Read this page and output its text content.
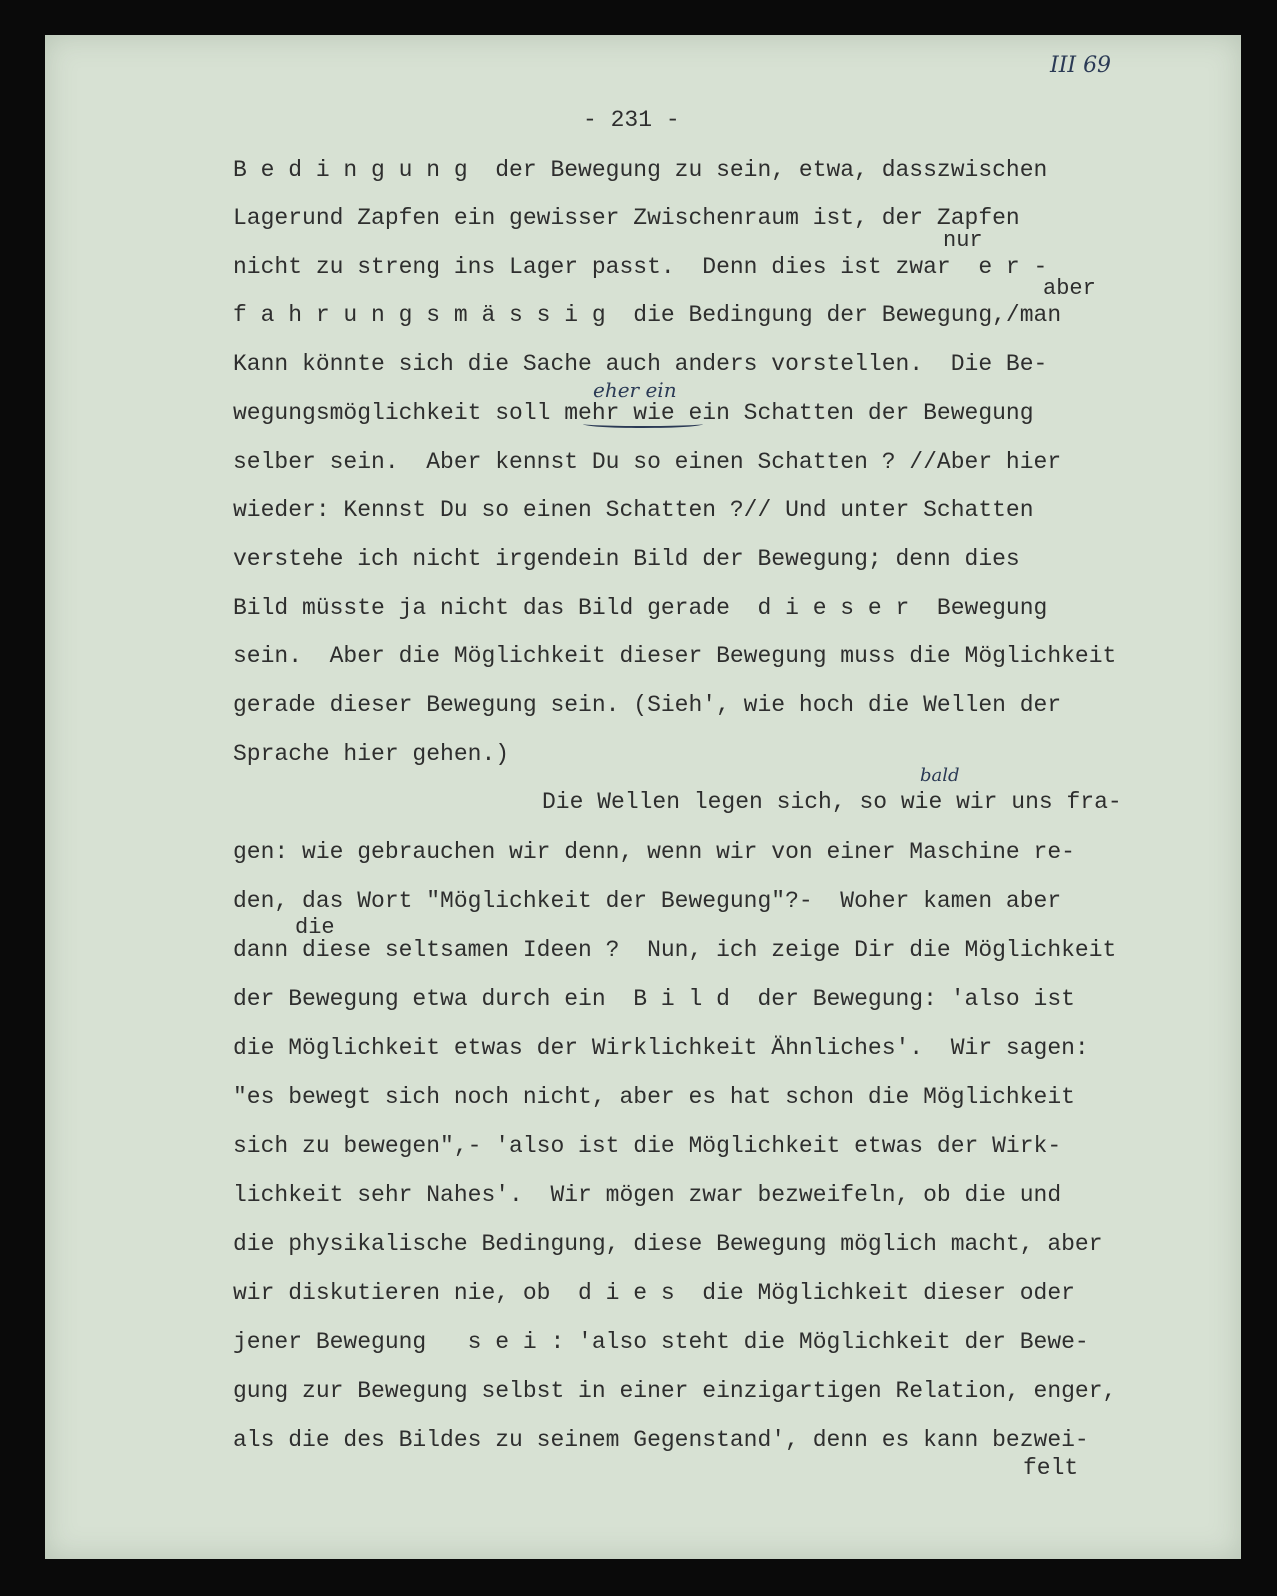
III 69
- 231 -
B e d i n g u n g  der Bewegung zu sein, etwa, dasszwischen
Lagerund Zapfen ein gewisser Zwischenraum ist, der Zapfen
nur
nicht zu streng ins Lager passt.  Denn dies ist zwar  e r -
aber
f a h r u n g s m ä s s i g  die Bedingung der Bewegung,/man
Kann könnte sich die Sache auch anders vorstellen.  Die Be-
eher ein
wegungsmöglichkeit soll mehr wie ein Schatten der Bewegung
selber sein.  Aber kennst Du so einen Schatten ? //Aber hier
wieder: Kennst Du so einen Schatten ?// Und unter Schatten
verstehe ich nicht irgendein Bild der Bewegung; denn dies
Bild müsste ja nicht das Bild gerade  d i e s e r  Bewegung
sein.  Aber die Möglichkeit dieser Bewegung muss die Möglichkeit
gerade dieser Bewegung sein. (Sieh', wie hoch die Wellen der
Sprache hier gehen.)
bald
Die Wellen legen sich, so wie wir uns fra-
gen: wie gebrauchen wir denn, wenn wir von einer Maschine re-
den, das Wort "Möglichkeit der Bewegung"?-  Woher kamen aber
die
dann diese seltsamen Ideen ?  Nun, ich zeige Dir die Möglichkeit
der Bewegung etwa durch ein  B i l d  der Bewegung: 'also ist
die Möglichkeit etwas der Wirklichkeit Ähnliches'.  Wir sagen:
"es bewegt sich noch nicht, aber es hat schon die Möglichkeit
sich zu bewegen",- 'also ist die Möglichkeit etwas der Wirk-
lichkeit sehr Nahes'.  Wir mögen zwar bezweifeln, ob die und
die physikalische Bedingung, diese Bewegung möglich macht, aber
wir diskutieren nie, ob  d i e s  die Möglichkeit dieser oder
jener Bewegung   s e i : 'also steht die Möglichkeit der Bewe-
gung zur Bewegung selbst in einer einzigartigen Relation, enger,
als die des Bildes zu seinem Gegenstand', denn es kann bezwei-
felt
